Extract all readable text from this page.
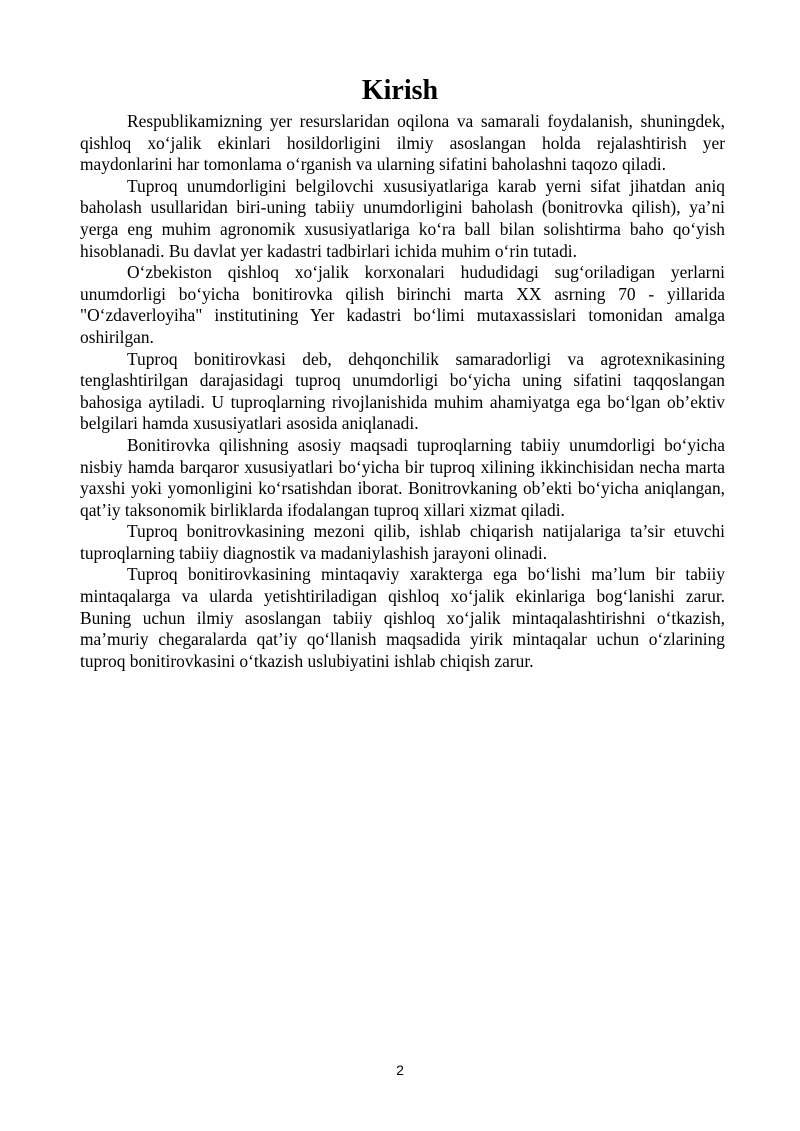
Kirish

Respublikamizning yer resurslaridan oqilona va samarali foydalanish, shuningdek, qishloq xo‘jalik ekinlari hosildorligini ilmiy asoslangan holda rejalashtirish yer maydonlarini har tomonlama o‘rganish va ularning sifatini baholashni taqozo qiladi.

Tuproq unumdorligini belgilovchi xususiyatlariga karab yerni sifat jihatdan aniq baholash usullaridan biri-uning tabiiy unumdorligini baholash (bonitrovka qilish), ya’ni yerga eng muhim agronomik xususiyatlariga ko‘ra ball bilan solishtirma baho qo‘yish hisoblanadi. Bu davlat yer kadastri tadbirlari ichida muhim o‘rin tutadi.

O‘zbekiston qishloq xo‘jalik korxonalari hududidagi sug‘oriladigan yerlarni unumdorligi bo‘yicha bonitirovka qilish birinchi marta XX asrning 70 - yillarida "O‘zdaverloyiha" institutining Yer kadastri bo‘limi mutaxassislari tomonidan amalga oshirilgan.

Tuproq bonitirovkasi deb, dehqonchilik samaradorligi va agrotexnikasining tenglashtirilgan darajasidagi tuproq unumdorligi bo‘yicha uning sifatini taqqoslangan bahosiga aytiladi. U tuproqlarning rivojlanishida muhim ahamiyatga ega bo‘lgan ob’ektiv belgilari hamda xususiyatlari asosida aniqlanadi.

Bonitirovka qilishning asosiy maqsadi tuproqlarning tabiiy unumdorligi bo‘yicha nisbiy hamda barqaror xususiyatlari bo‘yicha bir tuproq xilining ikkinchisidan necha marta yaxshi yoki yomonligini ko‘rsatishdan iborat. Bonitrovkaning ob’ekti bo‘yicha aniqlangan, qat’iy taksonomik birliklarda ifodalangan tuproq xillari xizmat qiladi.

Tuproq bonitrovkasining mezoni qilib, ishlab chiqarish natijalariga ta’sir etuvchi tuproqlarning tabiiy diagnostik va madaniylashish jarayoni olinadi.

Tuproq bonitirovkasining mintaqaviy xarakterga ega bo‘lishi ma’lum bir tabiiy mintaqalarga va ularda yetishtiriladigan qishloq xo‘jalik ekinlariga bog‘lanishi zarur. Buning uchun ilmiy asoslangan tabiiy qishloq xo‘jalik mintaqalashtirishni o‘tkazish, ma’muriy chegaralarda qat’iy qo‘llanish maqsadida yirik mintaqalar uchun o‘zlarining tuproq bonitirovkasini o‘tkazish uslubiyatini ishlab chiqish zarur.

2
